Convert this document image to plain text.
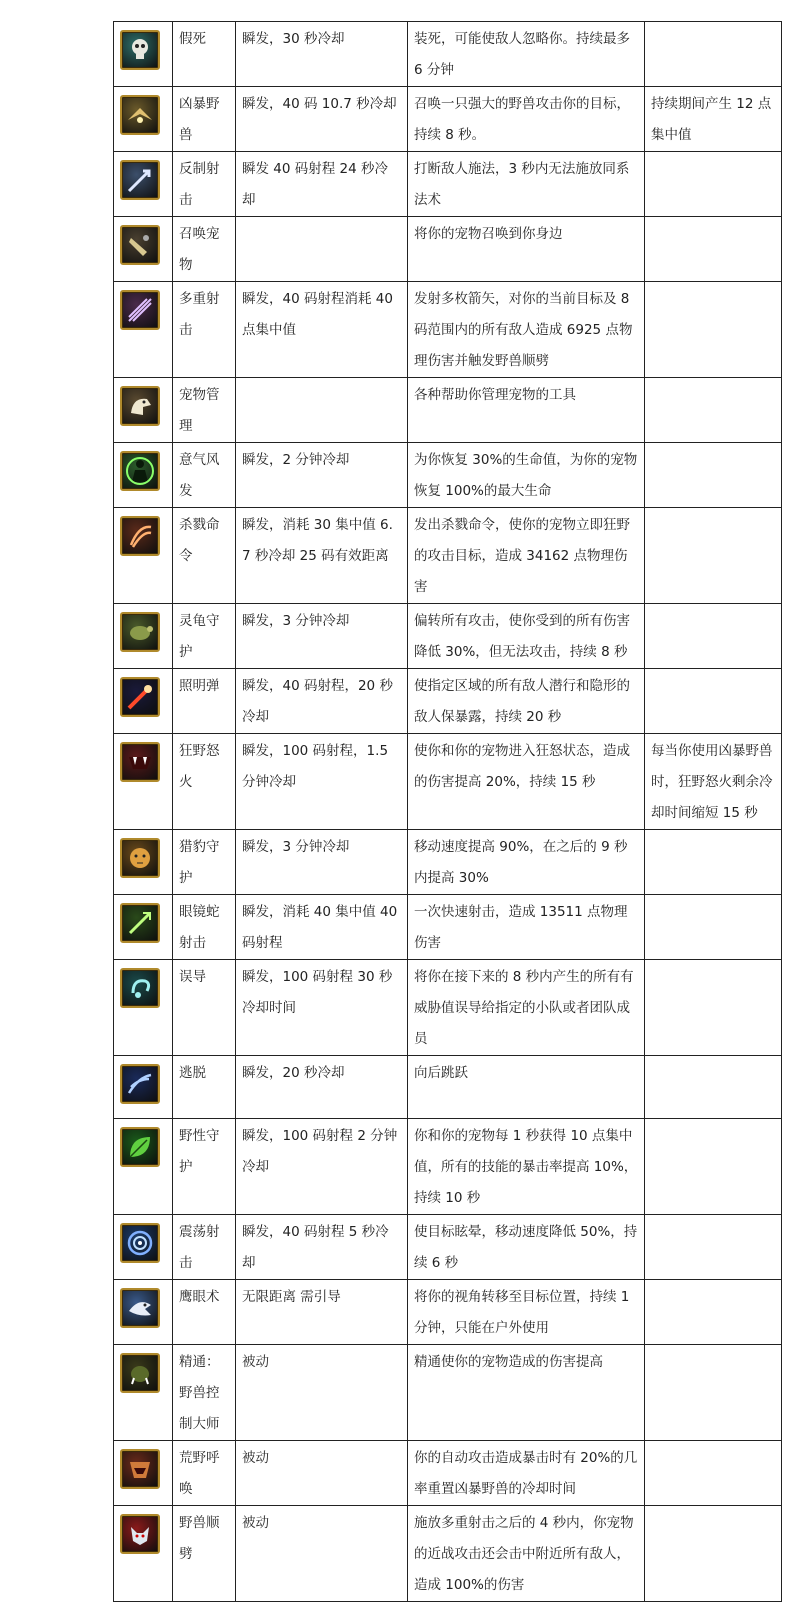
	假死	瞬发，30 秒冷却	装死，可能使敌人忽略你。持续最多 6 分钟	

	凶暴野兽	瞬发，40 码 10.7 秒冷却	召唤一只强大的野兽攻击你的目标，持续 8 秒。	持续期间产生 12 点集中值

	反制射击	瞬发 40 码射程 24 秒冷却	打断敌人施法，3 秒内无法施放同系法术	

	召唤宠物		将你的宠物召唤到你身边	

	多重射击	瞬发，40 码射程消耗 40 点集中值	发射多枚箭矢，对你的当前目标及 8 码范围内的所有敌人造成 6925 点物理伤害并触发野兽顺劈	

	宠物管理		各种帮助你管理宠物的工具	

	意气风发	瞬发，2 分钟冷却	为你恢复 30%的生命值，为你的宠物恢复 100%的最大生命	

	杀戮命令	瞬发，消耗 30 集中值 6.7 秒冷却 25 码有效距离	发出杀戮命令，使你的宠物立即狂野的攻击目标，造成 34162 点物理伤害	

	灵龟守护	瞬发，3 分钟冷却	偏转所有攻击，使你受到的所有伤害降低 30%，但无法攻击，持续 8 秒	

	照明弹	瞬发，40 码射程，20 秒冷却	使指定区域的所有敌人潜行和隐形的敌人保暴露，持续 20 秒	

	狂野怒火	瞬发，100 码射程，1.5 分钟冷却	使你和你的宠物进入狂怒状态，造成的伤害提高 20%，持续 15 秒	每当你使用凶暴野兽时，狂野怒火剩余冷却时间缩短 15 秒

	猎豹守护	瞬发，3 分钟冷却	移动速度提高 90%，在之后的 9 秒内提高 30%	

	眼镜蛇射击	瞬发，消耗 40 集中值 40 码射程	一次快速射击，造成 13511 点物理伤害	

	误导	瞬发，100 码射程 30 秒冷却时间	将你在接下来的 8 秒内产生的所有有威胁值误导给指定的小队或者团队成员	

	逃脱	瞬发，20 秒冷却	向后跳跃	

	野性守护	瞬发，100 码射程 2 分钟冷却	你和你的宠物每 1 秒获得 10 点集中值，所有的技能的暴击率提高 10%，持续 10 秒	

	震荡射击	瞬发，40 码射程 5 秒冷却	使目标眩晕，移动速度降低 50%，持续 6 秒	

	鹰眼术	无限距离 需引导	将你的视角转移至目标位置，持续 1 分钟，只能在户外使用	

	精通：野兽控制大师	被动	精通使你的宠物造成的伤害提高	

	荒野呼唤	被动	你的自动攻击造成暴击时有 20%的几率重置凶暴野兽的冷却时间	

	野兽顺劈	被动	施放多重射击之后的 4 秒内，你宠物的近战攻击还会击中附近所有敌人，造成 100%的伤害	
